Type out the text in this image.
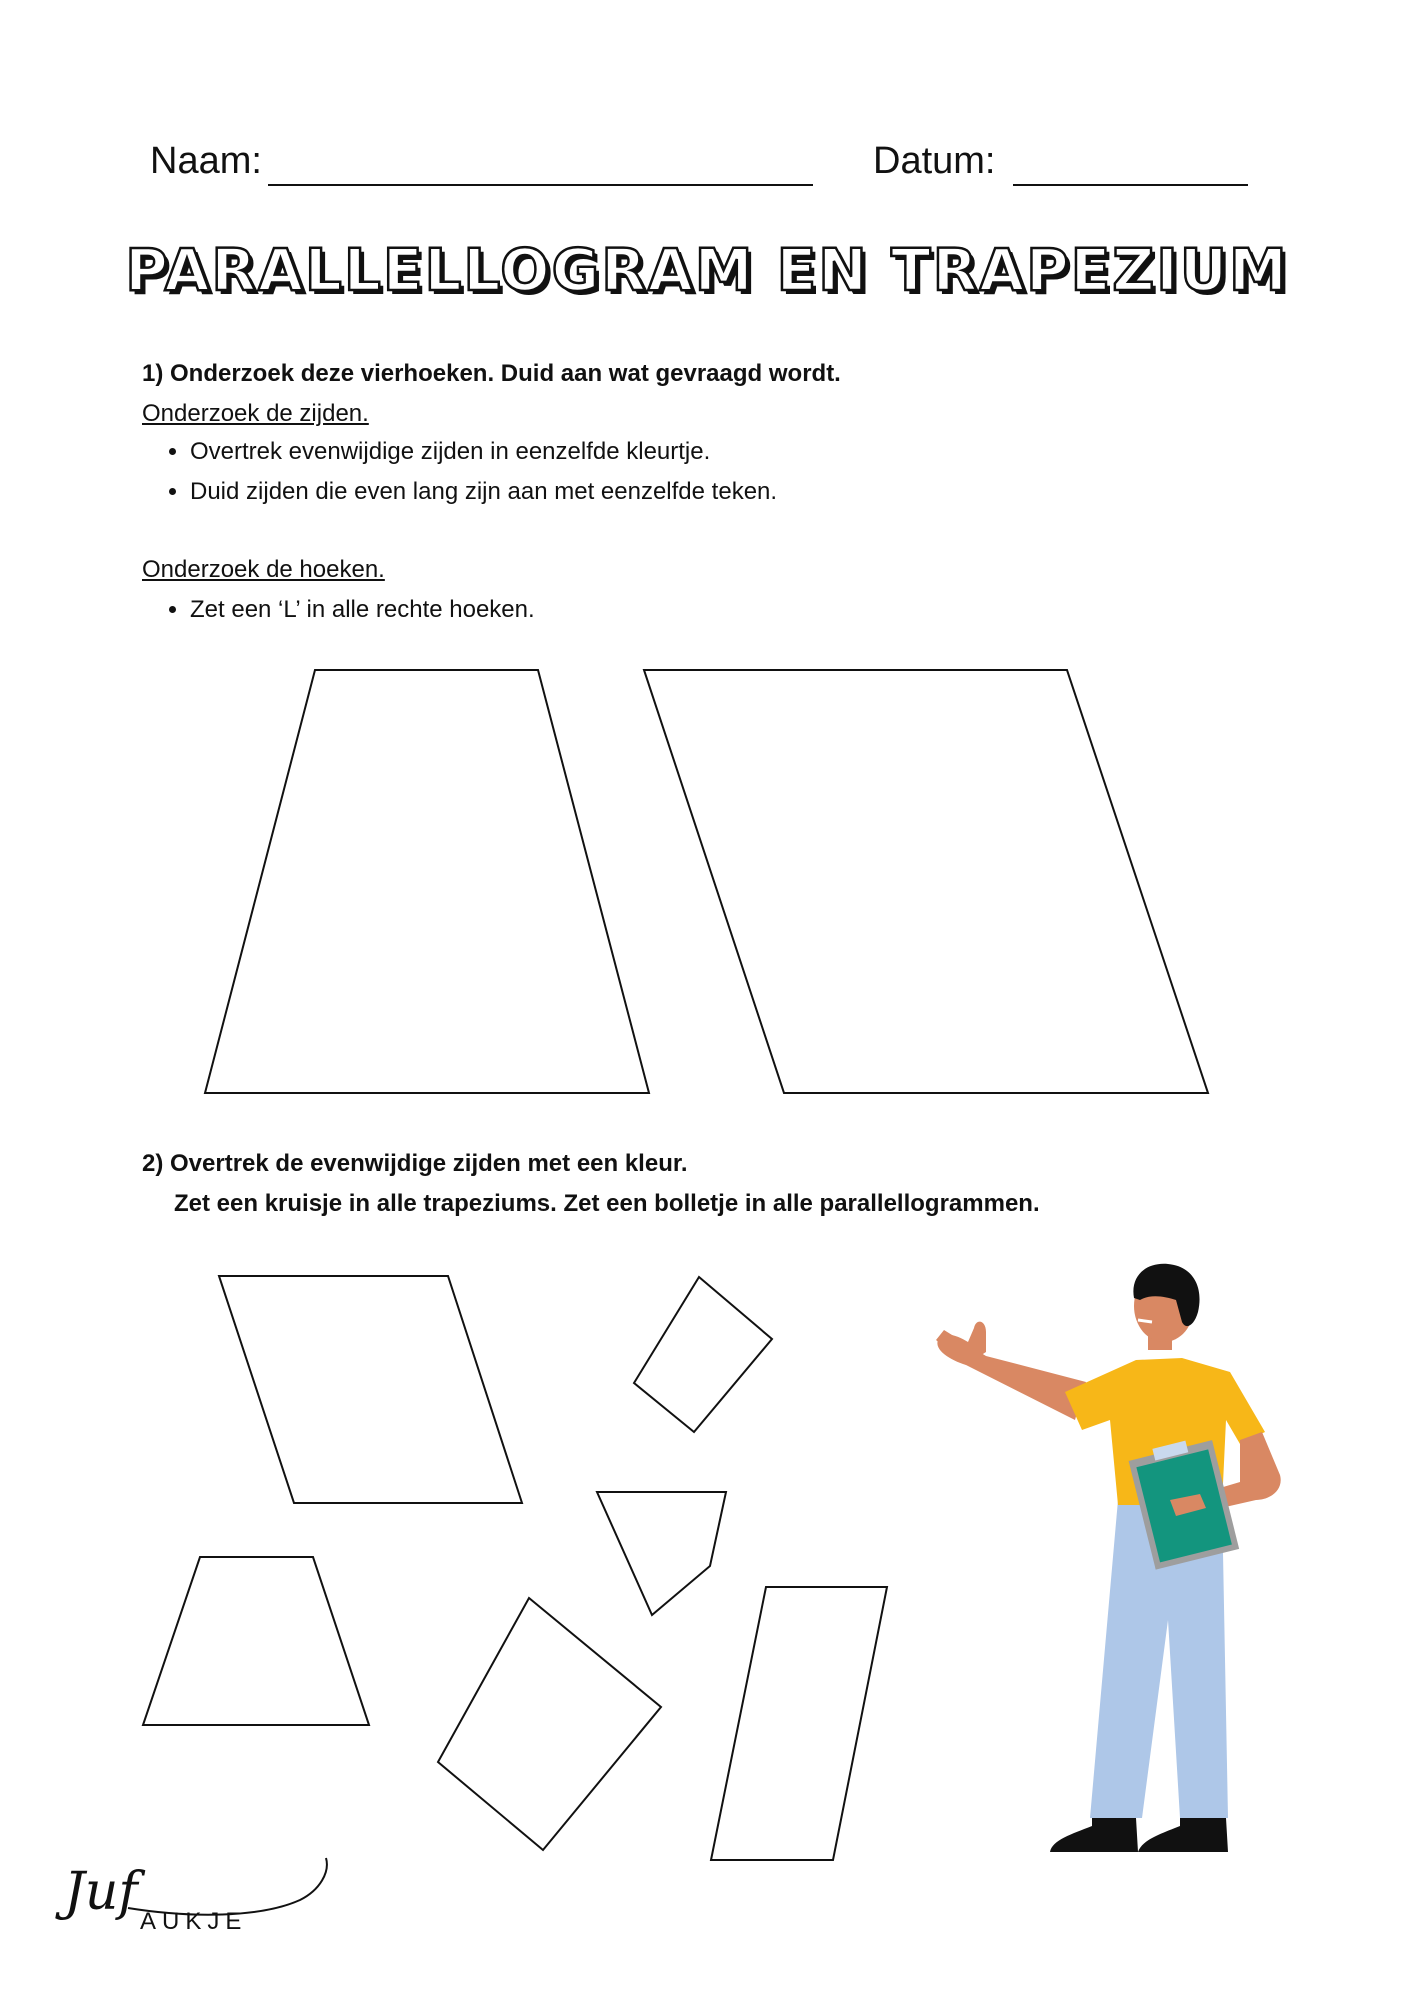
Naam:	Datum:
PARALLELLOGRAM EN TRAPEZIUM
1) Onderzoek deze vierhoeken. Duid aan wat gevraagd wordt.
Onderzoek de zijden.
• Overtrek evenwijdige zijden in eenzelfde kleurtje.
• Duid zijden die even lang zijn aan met eenzelfde teken.
Onderzoek de hoeken.
• Zet een ‘L’ in alle rechte hoeken.
2) Overtrek de evenwijdige zijden met een kleur.
Zet een kruisje in alle trapeziums. Zet een bolletje in alle parallellogrammen.
Juf AUKJE
